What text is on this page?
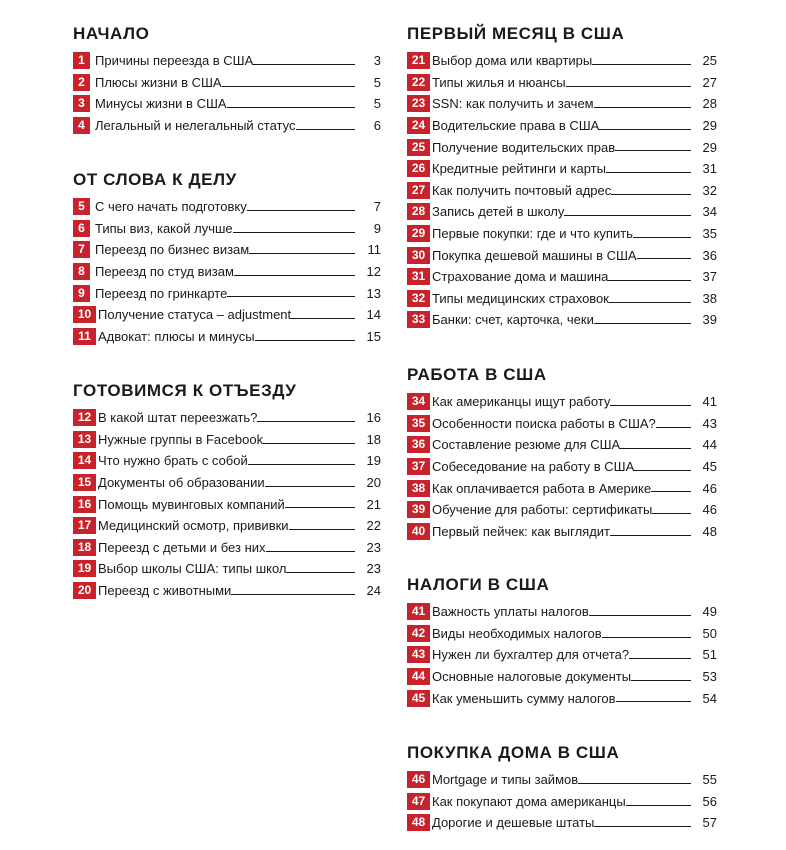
НАЧАЛО
1 Причины переезда в США	3
2 Плюсы жизни в США	5
3 Минусы жизни в США	5
4 Легальный и нелегальный статус	6
ОТ СЛОВА К ДЕЛУ
5 С чего начать подготовку	7
6 Типы виз, какой лучше	9
7 Переезд по бизнес визам	11
8 Переезд по студ визам	12
9 Переезд по гринкарте	13
10 Получение статуса – adjustment	14
11 Адвокат: плюсы и минусы	15
ГОТОВИМСЯ К ОТЪЕЗДУ
12 В какой штат переезжать?	16
13 Нужные группы в Facebook	18
14 Что нужно брать с собой	19
15 Документы об образовании	20
16 Помощь мувинговых компаний	21
17 Медицинский осмотр, прививки	22
18 Переезд с детьми и без них	23
19 Выбор школы США: типы школ	23
20 Переезд с животными	24
ПЕРВЫЙ МЕСЯЦ В США
21 Выбор дома или квартиры	25
22 Типы жилья и нюансы	27
23 SSN: как получить и зачем	28
24 Водительские права в США	29
25 Получение водительских прав	29
26 Кредитные рейтинги и карты	31
27 Как получить почтовый адрес	32
28 Запись детей в школу	34
29 Первые покупки: где и что купить	35
30 Покупка дешевой машины в США	36
31 Страхование дома и машина	37
32 Типы медицинских страховок	38
33 Банки: счет, карточка, чеки	39
РАБОТА В США
34 Как американцы ищут работу	41
35 Особенности поиска работы в США?	43
36 Составление резюме для США	44
37 Собеседование на работу в США	45
38 Как оплачивается работа в Америке	46
39 Обучение для работы: сертификаты	46
40 Первый пейчек: как выглядит	48
НАЛОГИ В США
41 Важность уплаты налогов	49
42 Виды необходимых налогов	50
43 Нужен ли бухгалтер для отчета?	51
44 Основные налоговые документы	53
45 Как уменьшить сумму налогов	54
ПОКУПКА ДОМА В США
46 Mortgage и типы займов	55
47 Как покупают дома американцы	56
48 Дорогие и дешевые штаты	57
